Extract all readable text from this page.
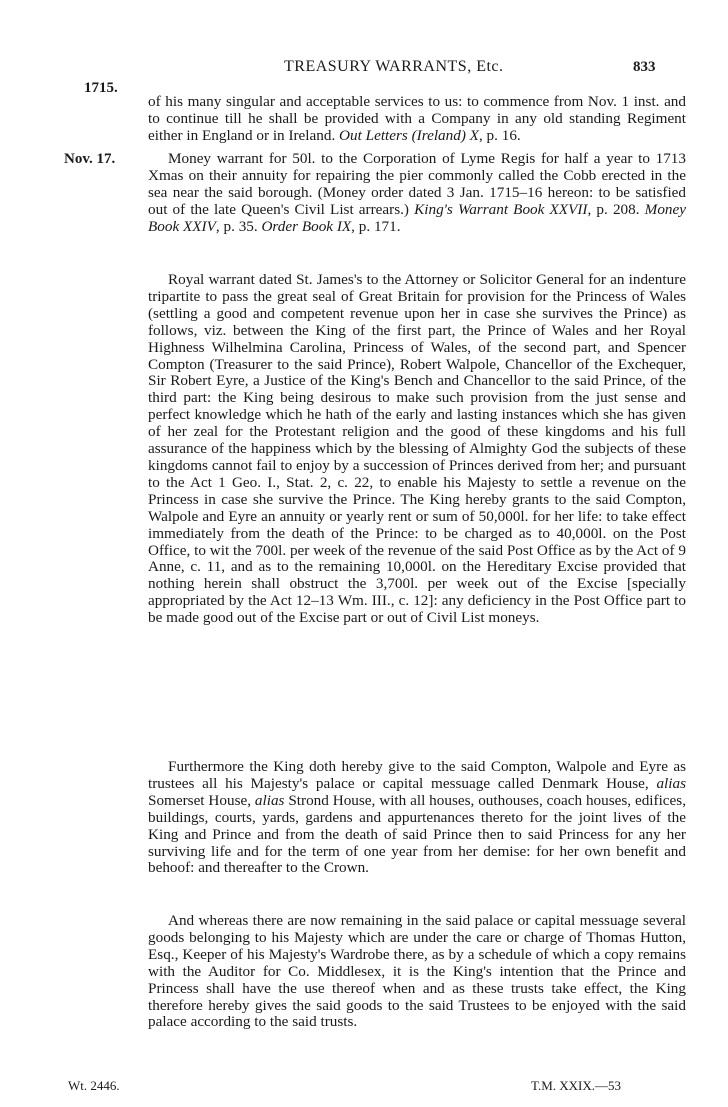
1715.
TREASURY WARRANTS, Etc.	833
Nov. 17.

of his many singular and acceptable services to us: to commence from Nov. 1 inst. and to continue till he shall be provided with a Company in any old standing Regiment either in England or in Ireland. Out Letters (Ireland) X, p. 16.

Money warrant for 50l. to the Corporation of Lyme Regis for half a year to 1713 Xmas on their annuity for repairing the pier commonly called the Cobb erected in the sea near the said borough. (Money order dated 3 Jan. 1715–16 hereon: to be satisfied out of the late Queen's Civil List arrears.) King's Warrant Book XXVII, p. 208. Money Book XXIV, p. 35. Order Book IX, p. 171.

Royal warrant dated St. James's to the Attorney or Solicitor General for an indenture tripartite to pass the great seal of Great Britain for provision for the Princess of Wales (settling a good and competent revenue upon her in case she survives the Prince) as follows, viz. between the King of the first part, the Prince of Wales and her Royal Highness Wilhelmina Carolina, Princess of Wales, of the second part, and Spencer Compton (Treasurer to the said Prince), Robert Walpole, Chancellor of the Exchequer, Sir Robert Eyre, a Justice of the King's Bench and Chancellor to the said Prince, of the third part: the King being desirous to make such provision from the just sense and perfect knowledge which he hath of the early and lasting instances which she has given of her zeal for the Protestant religion and the good of these kingdoms and his full assurance of the happiness which by the blessing of Almighty God the subjects of these kingdoms cannot fail to enjoy by a succession of Princes derived from her; and pursuant to the Act 1 Geo. I., Stat. 2, c. 22, to enable his Majesty to settle a revenue on the Princess in case she survive the Prince. The King hereby grants to the said Compton, Walpole and Eyre an annuity or yearly rent or sum of 50,000l. for her life: to take effect immediately from the death of the Prince: to be charged as to 40,000l. on the Post Office, to wit the 700l. per week of the revenue of the said Post Office as by the Act of 9 Anne, c. 11, and as to the remaining 10,000l. on the Hereditary Excise provided that nothing herein shall obstruct the 3,700l. per week out of the Excise [specially appropriated by the Act 12–13 Wm. III., c. 12]: any deficiency in the Post Office part to be made good out of the Excise part or out of Civil List moneys.

Furthermore the King doth hereby give to the said Compton, Walpole and Eyre as trustees all his Majesty's palace or capital messuage called Denmark House, alias Somerset House, alias Strond House, with all houses, outhouses, coach houses, edifices, buildings, courts, yards, gardens and appurtenances thereto for the joint lives of the King and Prince and from the death of said Prince then to said Princess for any her surviving life and for the term of one year from her demise: for her own benefit and behoof: and thereafter to the Crown.

And whereas there are now remaining in the said palace or capital messuage several goods belonging to his Majesty which are under the care or charge of Thomas Hutton, Esq., Keeper of his Majesty's Wardrobe there, as by a schedule of which a copy remains with the Auditor for Co. Middlesex, it is the King's intention that the Prince and Princess shall have the use thereof when and as these trusts take effect, the King therefore hereby gives the said goods to the said Trustees to be enjoyed with the said palace according to the said trusts.

Wt. 2446.	T.M. XXIX.—53
